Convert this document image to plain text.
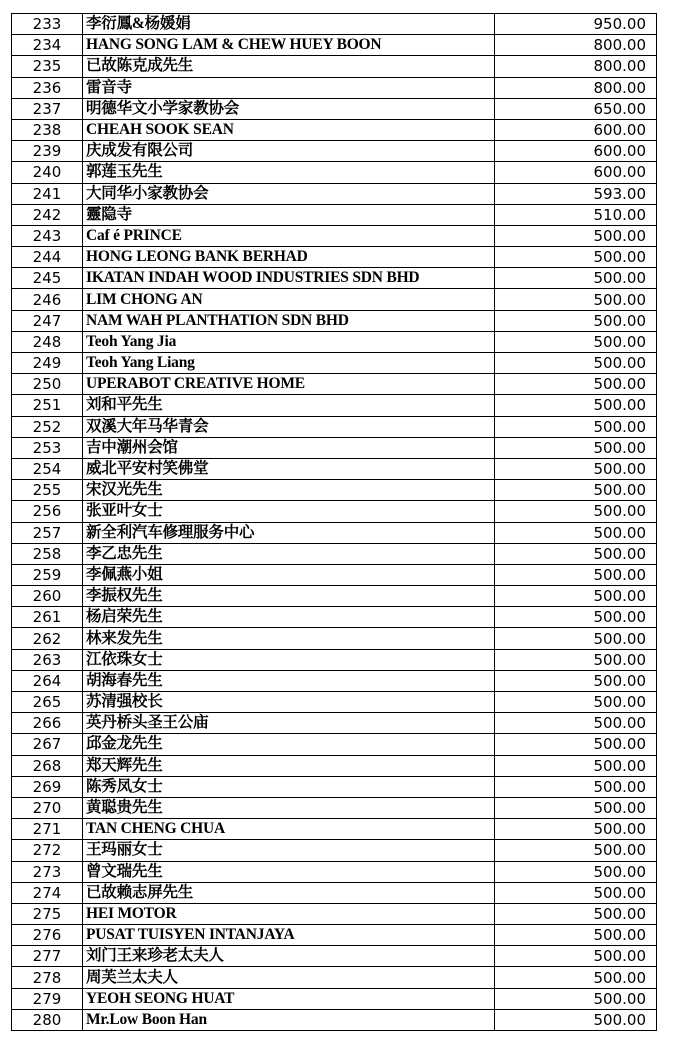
233	李衍鳳&杨媛娟	950.00
234	HANG SONG LAM & CHEW HUEY BOON	800.00
235	已故陈克成先生	800.00
236	雷音寺	800.00
237	明德华文小学家教协会	650.00
238	CHEAH SOOK SEAN	600.00
239	庆成发有限公司	600.00
240	郭莲玉先生	600.00
241	大同华小家教协会	593.00
242	靈隐寺	510.00
243	Caf é PRINCE	500.00
244	HONG LEONG BANK BERHAD	500.00
245	IKATAN INDAH WOOD INDUSTRIES SDN BHD	500.00
246	LIM CHONG AN	500.00
247	NAM WAH PLANTHATION SDN BHD	500.00
248	Teoh Yang Jia	500.00
249	Teoh Yang Liang	500.00
250	UPERABOT CREATIVE HOME	500.00
251	刘和平先生	500.00
252	双溪大年马华青会	500.00
253	吉中潮州会馆	500.00
254	威北平安村笑佛堂	500.00
255	宋汉光先生	500.00
256	张亚叶女士	500.00
257	新全利汽车修理服务中心	500.00
258	李乙忠先生	500.00
259	李佩燕小姐	500.00
260	李振权先生	500.00
261	杨启荣先生	500.00
262	林来发先生	500.00
263	江依珠女士	500.00
264	胡海春先生	500.00
265	苏清强校长	500.00
266	英丹桥头圣王公庙	500.00
267	邱金龙先生	500.00
268	郑天辉先生	500.00
269	陈秀凤女士	500.00
270	黄聪贵先生	500.00
271	TAN CHENG CHUA	500.00
272	王玛丽女士	500.00
273	曾文瑞先生	500.00
274	已故赖志屏先生	500.00
275	HEI MOTOR	500.00
276	PUSAT TUISYEN INTANJAYA	500.00
277	刘门王来珍老太夫人	500.00
278	周芙兰太夫人	500.00
279	YEOH SEONG HUAT	500.00
280	Mr.Low Boon Han	500.00
